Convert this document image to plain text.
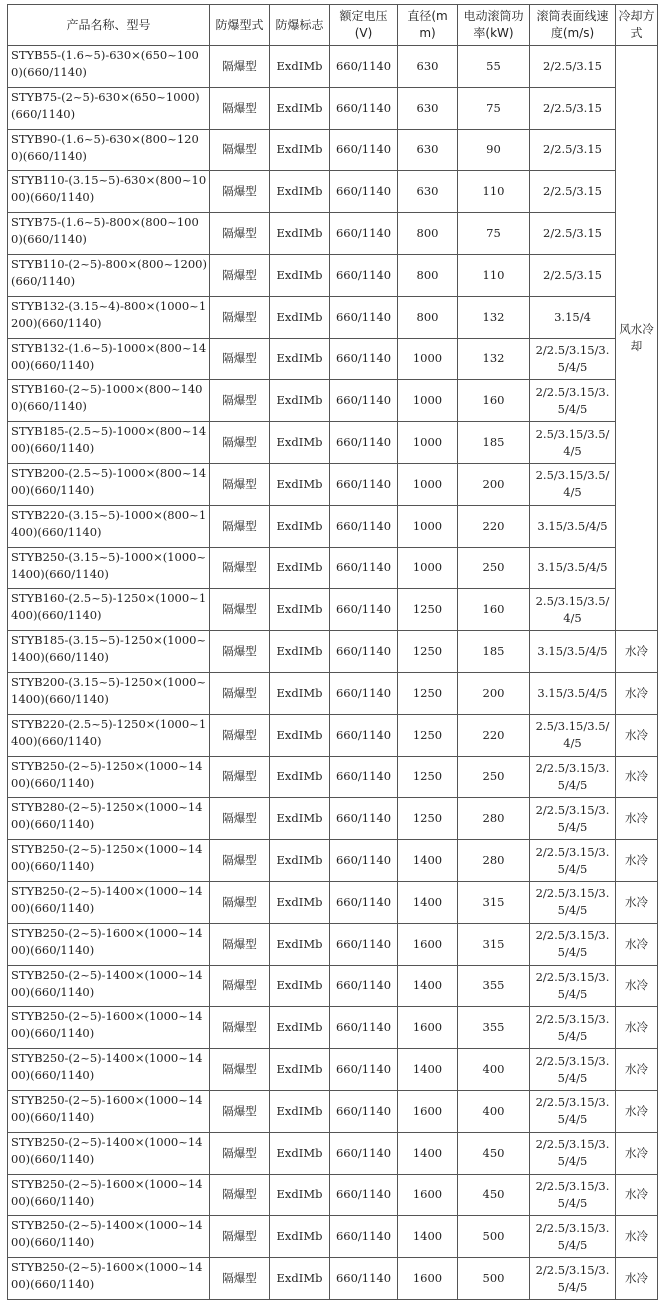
产品名称、型号	防爆型式	防爆标志	额定电压(V)	直径(mm)	电动滚筒功率(kW)	滚筒表面线速度(m/s)	冷却方式
STYB55-(1.6~5)-630×(650~1000)(660/1140)	隔爆型	ExdIMb	660/1140	630	55	2/2.5/3.15	风水冷却
STYB75-(2~5)-630×(650~1000)(660/1140)	隔爆型	ExdIMb	660/1140	630	75	2/2.5/3.15	
STYB90-(1.6~5)-630×(800~1200)(660/1140)	隔爆型	ExdIMb	660/1140	630	90	2/2.5/3.15	
STYB110-(3.15~5)-630×(800~1000)(660/1140)	隔爆型	ExdIMb	660/1140	630	110	2/2.5/3.15	
STYB75-(1.6~5)-800×(800~1000)(660/1140)	隔爆型	ExdIMb	660/1140	800	75	2/2.5/3.15	
STYB110-(2~5)-800×(800~1200)(660/1140)	隔爆型	ExdIMb	660/1140	800	110	2/2.5/3.15	
STYB132-(3.15~4)-800×(1000~1200)(660/1140)	隔爆型	ExdIMb	660/1140	800	132	3.15/4	
STYB132-(1.6~5)-1000×(800~1400)(660/1140)	隔爆型	ExdIMb	660/1140	1000	132	2/2.5/3.15/3.5/4/5	
STYB160-(2~5)-1000×(800~1400)(660/1140)	隔爆型	ExdIMb	660/1140	1000	160	2/2.5/3.15/3.5/4/5	
STYB185-(2.5~5)-1000×(800~1400)(660/1140)	隔爆型	ExdIMb	660/1140	1000	185	2.5/3.15/3.5/4/5	
STYB200-(2.5~5)-1000×(800~1400)(660/1140)	隔爆型	ExdIMb	660/1140	1000	200	2.5/3.15/3.5/4/5	
STYB220-(3.15~5)-1000×(800~1400)(660/1140)	隔爆型	ExdIMb	660/1140	1000	220	3.15/3.5/4/5	
STYB250-(3.15~5)-1000×(1000~1400)(660/1140)	隔爆型	ExdIMb	660/1140	1000	250	3.15/3.5/4/5	
STYB160-(2.5~5)-1250×(1000~1400)(660/1140)	隔爆型	ExdIMb	660/1140	1250	160	2.5/3.15/3.5/4/5	
STYB185-(3.15~5)-1250×(1000~1400)(660/1140)	隔爆型	ExdIMb	660/1140	1250	185	3.15/3.5/4/5	水冷
STYB200-(3.15~5)-1250×(1000~1400)(660/1140)	隔爆型	ExdIMb	660/1140	1250	200	3.15/3.5/4/5	水冷
STYB220-(2.5~5)-1250×(1000~1400)(660/1140)	隔爆型	ExdIMb	660/1140	1250	220	2.5/3.15/3.5/4/5	水冷
STYB250-(2~5)-1250×(1000~1400)(660/1140)	隔爆型	ExdIMb	660/1140	1250	250	2/2.5/3.15/3.5/4/5	水冷
STYB280-(2~5)-1250×(1000~1400)(660/1140)	隔爆型	ExdIMb	660/1140	1250	280	2/2.5/3.15/3.5/4/5	水冷
STYB250-(2~5)-1250×(1000~1400)(660/1140)	隔爆型	ExdIMb	660/1140	1400	280	2/2.5/3.15/3.5/4/5	水冷
STYB250-(2~5)-1400×(1000~1400)(660/1140)	隔爆型	ExdIMb	660/1140	1400	315	2/2.5/3.15/3.5/4/5	水冷
STYB250-(2~5)-1600×(1000~1400)(660/1140)	隔爆型	ExdIMb	660/1140	1600	315	2/2.5/3.15/3.5/4/5	水冷
STYB250-(2~5)-1400×(1000~1400)(660/1140)	隔爆型	ExdIMb	660/1140	1400	355	2/2.5/3.15/3.5/4/5	水冷
STYB250-(2~5)-1600×(1000~1400)(660/1140)	隔爆型	ExdIMb	660/1140	1600	355	2/2.5/3.15/3.5/4/5	水冷
STYB250-(2~5)-1400×(1000~1400)(660/1140)	隔爆型	ExdIMb	660/1140	1400	400	2/2.5/3.15/3.5/4/5	水冷
STYB250-(2~5)-1600×(1000~1400)(660/1140)	隔爆型	ExdIMb	660/1140	1600	400	2/2.5/3.15/3.5/4/5	水冷
STYB250-(2~5)-1400×(1000~1400)(660/1140)	隔爆型	ExdIMb	660/1140	1400	450	2/2.5/3.15/3.5/4/5	水冷
STYB250-(2~5)-1600×(1000~1400)(660/1140)	隔爆型	ExdIMb	660/1140	1600	450	2/2.5/3.15/3.5/4/5	水冷
STYB250-(2~5)-1400×(1000~1400)(660/1140)	隔爆型	ExdIMb	660/1140	1400	500	2/2.5/3.15/3.5/4/5	水冷
STYB250-(2~5)-1600×(1000~1400)(660/1140)	隔爆型	ExdIMb	660/1140	1600	500	2/2.5/3.15/3.5/4/5	水冷
